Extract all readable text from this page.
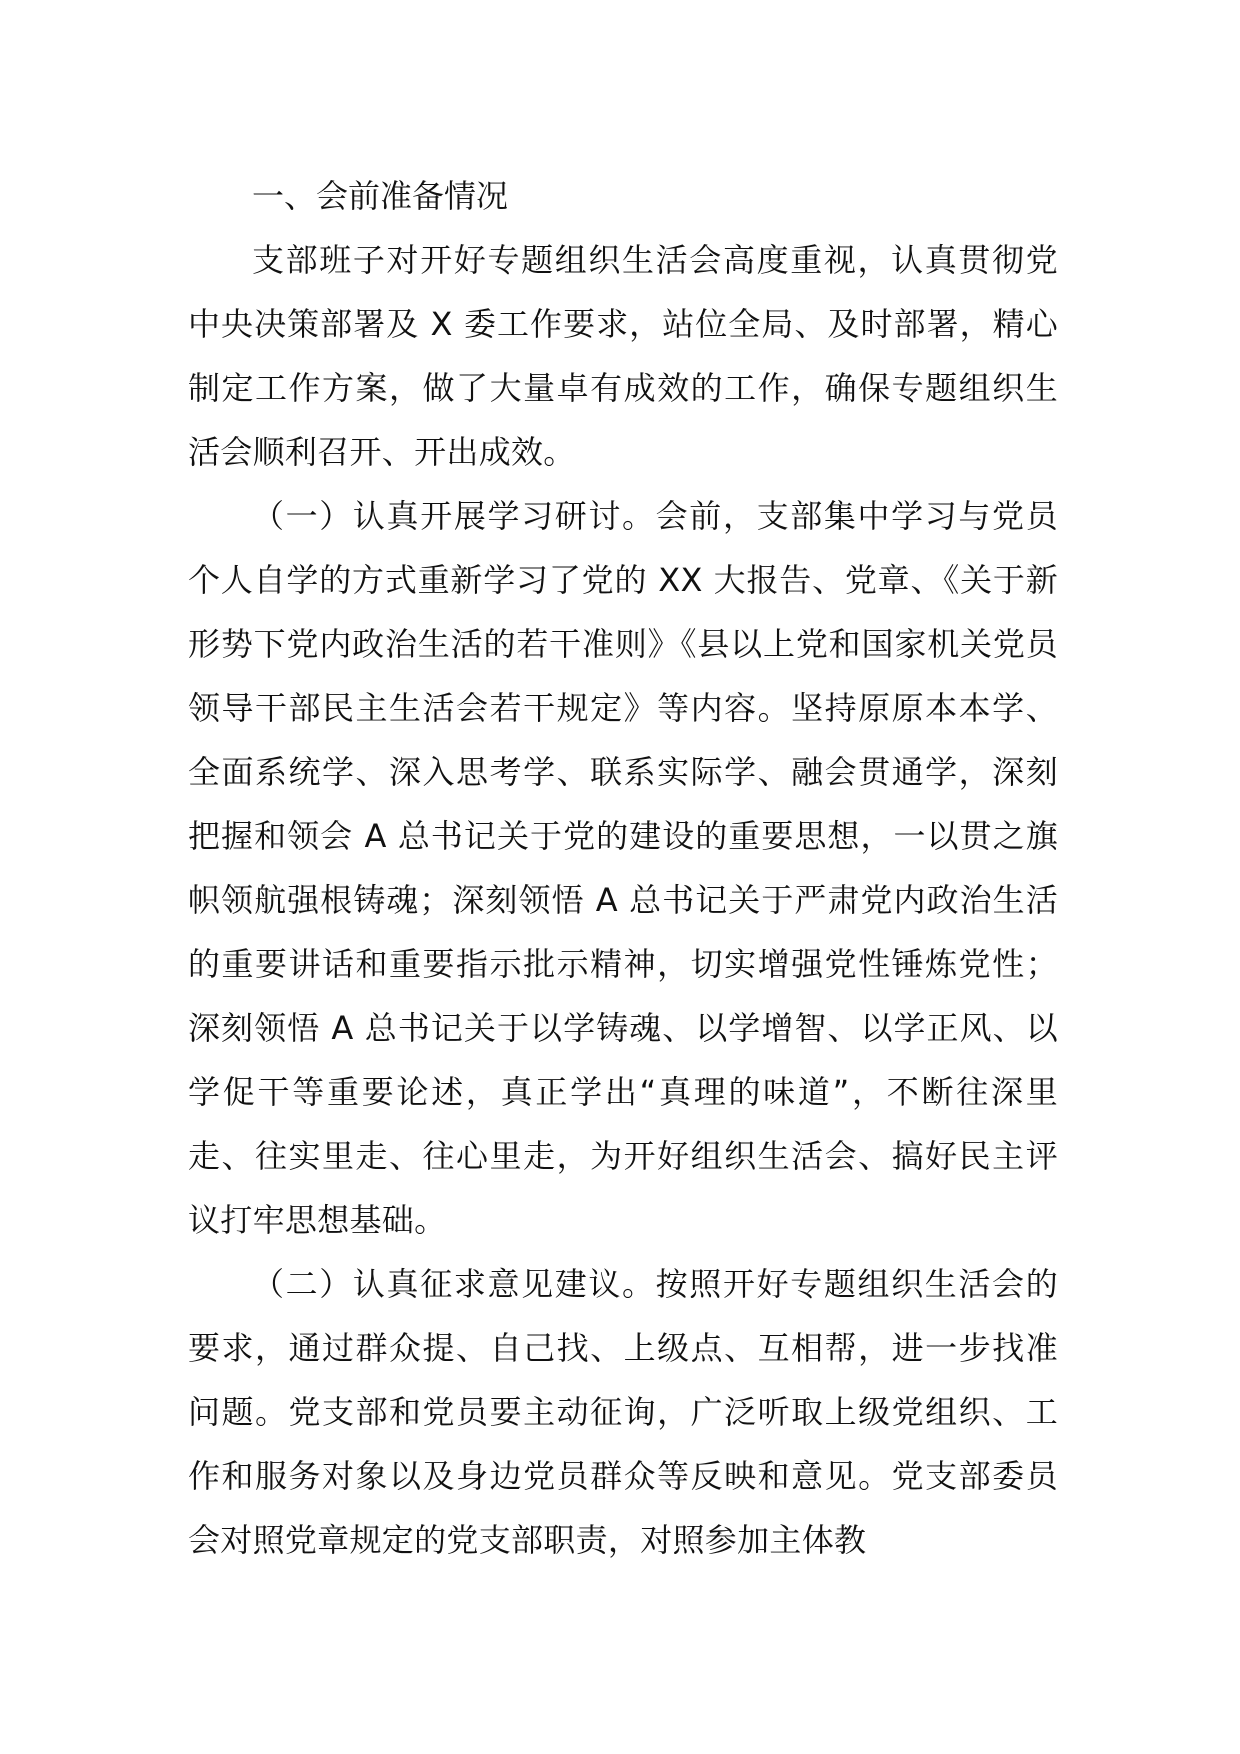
一、会前准备情况

支部班子对开好专题组织生活会高度重视，认真贯彻党中央决策部署及 X 委工作要求，站位全局、及时部署，精心制定工作方案，做了大量卓有成效的工作，确保专题组织生活会顺利召开、开出成效。

（一）认真开展学习研讨。会前，支部集中学习与党员个人自学的方式重新学习了党的 XX 大报告、党章、《关于新形势下党内政治生活的若干准则》《县以上党和国家机关党员领导干部民主生活会若干规定》等内容。坚持原原本本学、全面系统学、深入思考学、联系实际学、融会贯通学，深刻把握和领会 A 总书记关于党的建设的重要思想，一以贯之旗帜领航强根铸魂；深刻领悟 A 总书记关于严肃党内政治生活的重要讲话和重要指示批示精神，切实增强党性锤炼党性；深刻领悟 A 总书记关于以学铸魂、以学增智、以学正风、以学促干等重要论述，真正学出“真理的味道”，不断往深里走、往实里走、往心里走，为开好组织生活会、搞好民主评议打牢思想基础。

（二）认真征求意见建议。按照开好专题组织生活会的要求，通过群众提、自己找、上级点、互相帮，进一步找准问题。党支部和党员要主动征询，广泛听取上级党组织、工作和服务对象以及身边党员群众等反映和意见。党支部委员会对照党章规定的党支部职责，对照参加主体教
